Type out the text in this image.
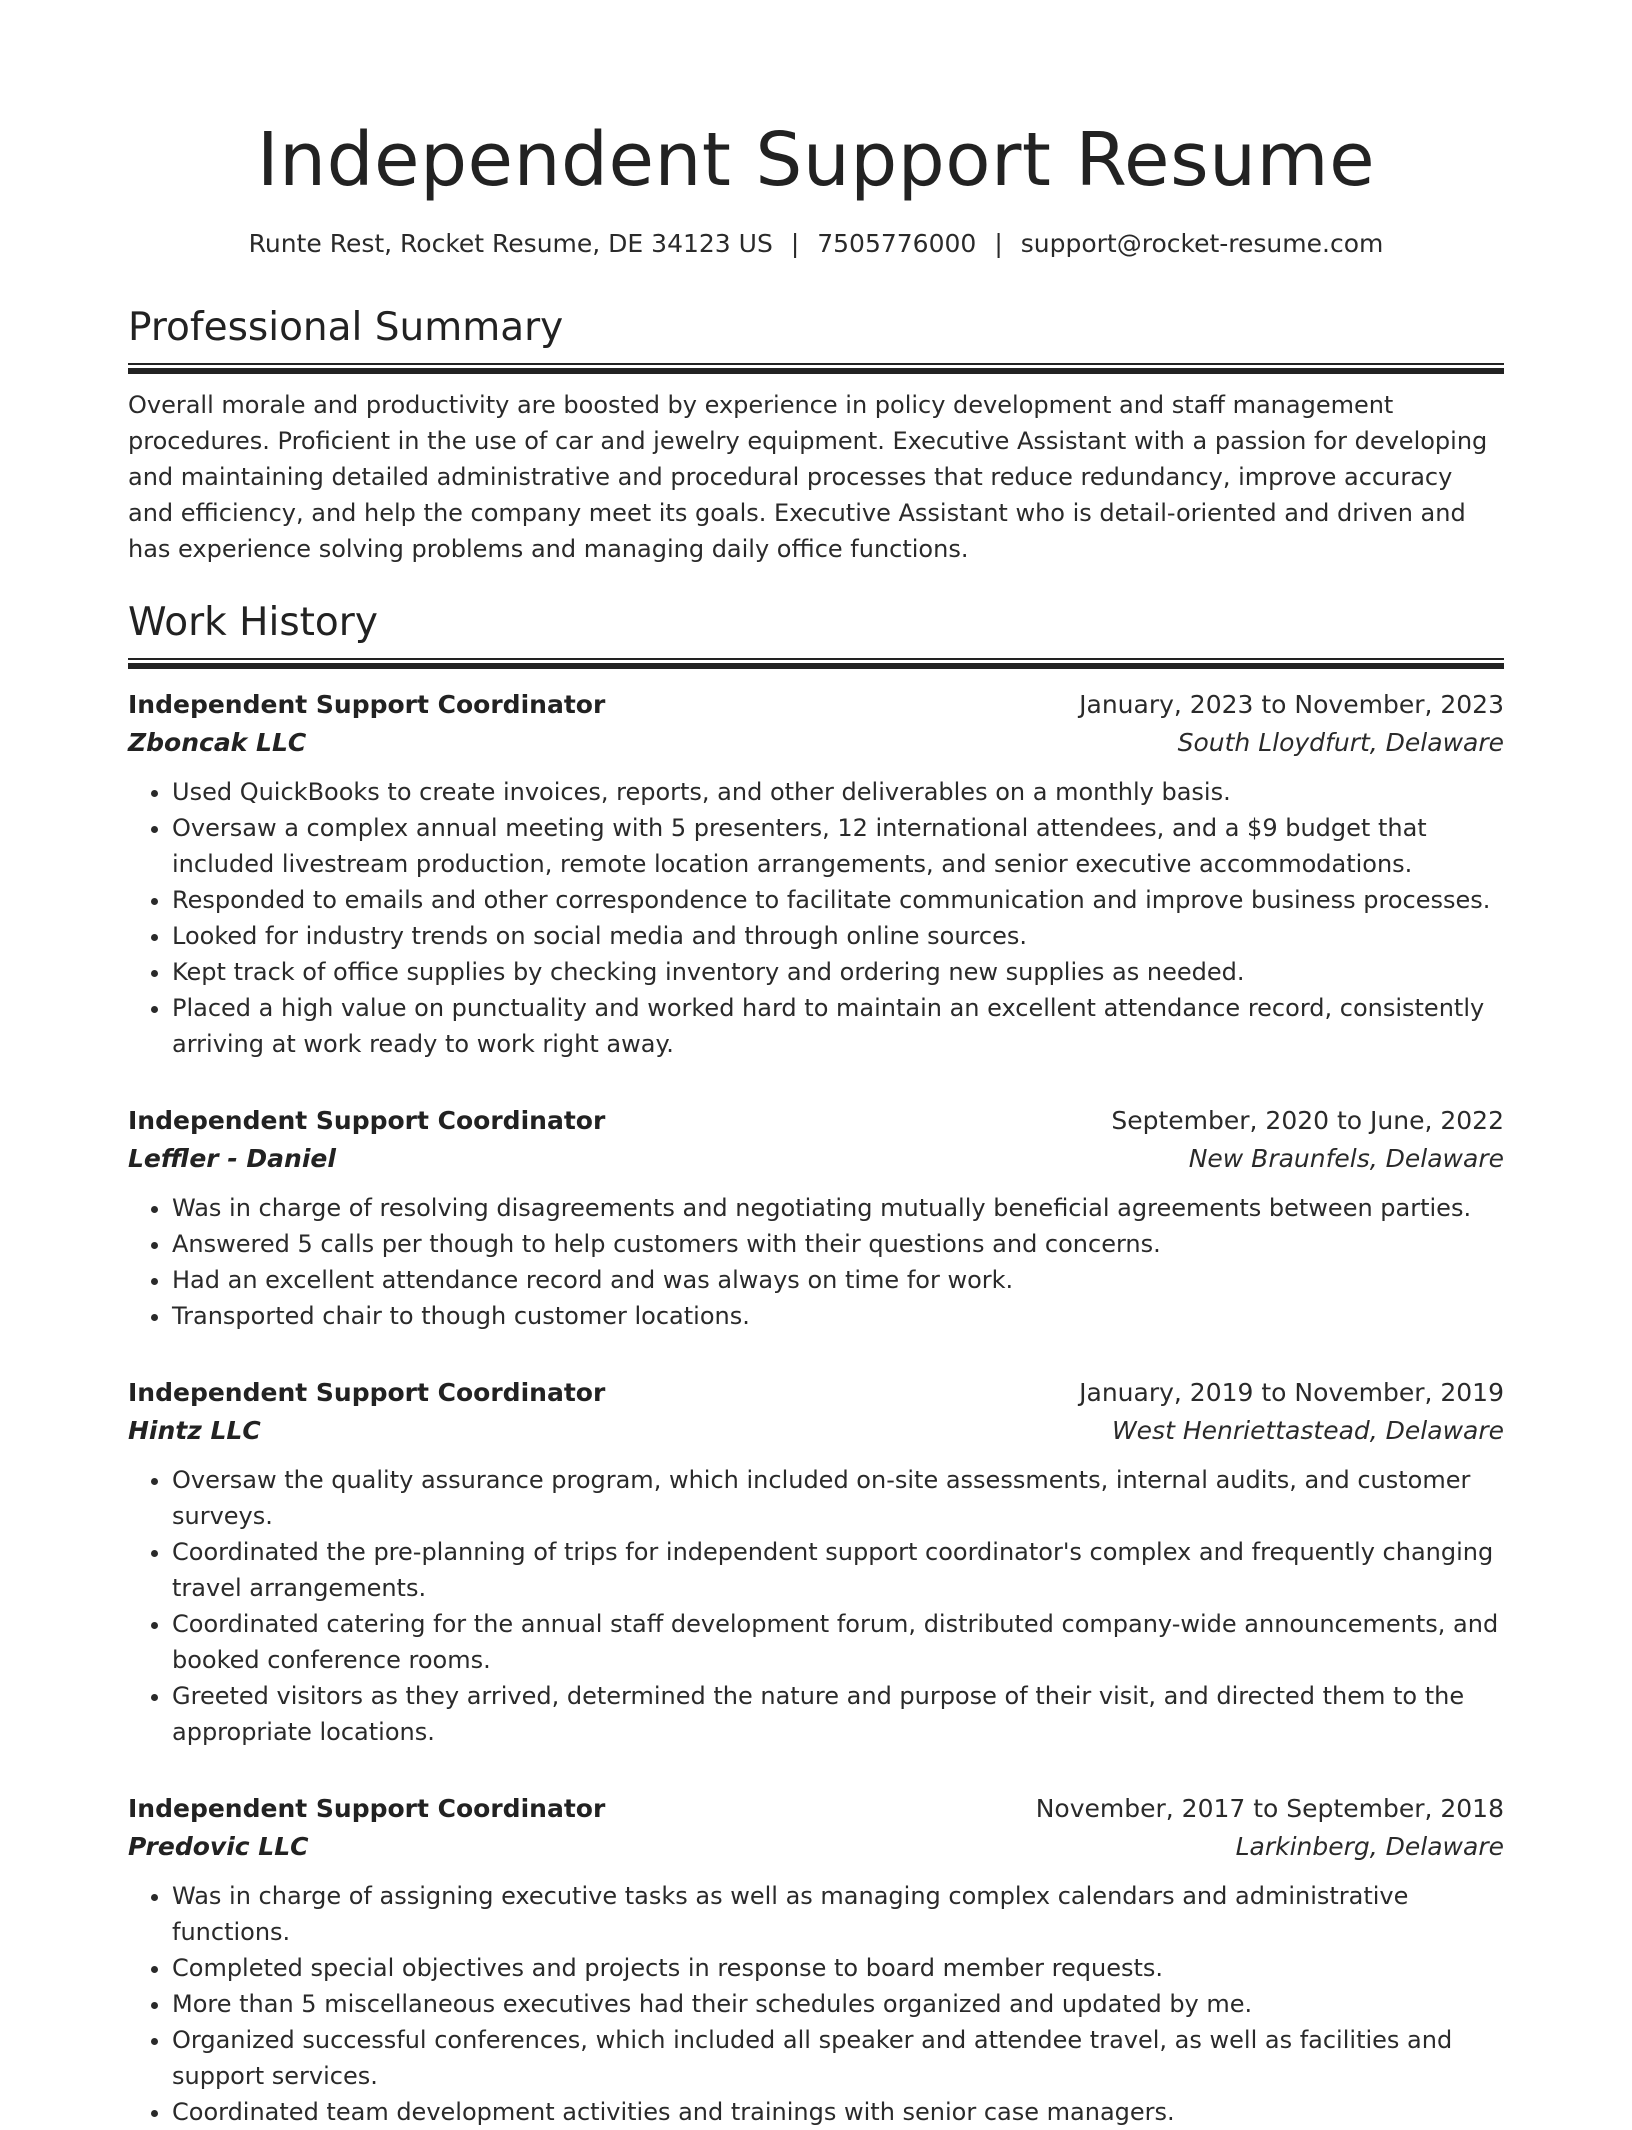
Independent Support Resume
Runte Rest, Rocket Resume, DE 34123 US | 7505776000 | support@rocket-resume.com
Professional Summary

Overall morale and productivity are boosted by experience in policy development and staff management procedures. Proficient in the use of car and jewelry equipment. Executive Assistant with a passion for developing and maintaining detailed administrative and procedural processes that reduce redundancy, improve accuracy and efficiency, and help the company meet its goals. Executive Assistant who is detail-oriented and driven and has experience solving problems and managing daily office functions.

Work History
Independent Support Coordinator	January, 2023 to November, 2023
Zboncak LLC	South Lloydfurt, Delaware
• Used QuickBooks to create invoices, reports, and other deliverables on a monthly basis.
• Oversaw a complex annual meeting with 5 presenters, 12 international attendees, and a $9 budget that included livestream production, remote location arrangements, and senior executive accommodations.
• Responded to emails and other correspondence to facilitate communication and improve business processes.
• Looked for industry trends on social media and through online sources.
• Kept track of office supplies by checking inventory and ordering new supplies as needed.
• Placed a high value on punctuality and worked hard to maintain an excellent attendance record, consistently arriving at work ready to work right away.
Independent Support Coordinator	September, 2020 to June, 2022
Leffler - Daniel	New Braunfels, Delaware
• Was in charge of resolving disagreements and negotiating mutually beneficial agreements between parties.
• Answered 5 calls per though to help customers with their questions and concerns.
• Had an excellent attendance record and was always on time for work.
• Transported chair to though customer locations.
Independent Support Coordinator	January, 2019 to November, 2019
Hintz LLC	West Henriettastead, Delaware
• Oversaw the quality assurance program, which included on-site assessments, internal audits, and customer surveys.
• Coordinated the pre-planning of trips for independent support coordinator's complex and frequently changing travel arrangements.
• Coordinated catering for the annual staff development forum, distributed company-wide announcements, and booked conference rooms.
• Greeted visitors as they arrived, determined the nature and purpose of their visit, and directed them to the appropriate locations.
Independent Support Coordinator	November, 2017 to September, 2018
Predovic LLC	Larkinberg, Delaware
• Was in charge of assigning executive tasks as well as managing complex calendars and administrative functions.
• Completed special objectives and projects in response to board member requests.
• More than 5 miscellaneous executives had their schedules organized and updated by me.
• Organized successful conferences, which included all speaker and attendee travel, as well as facilities and support services.
• Coordinated team development activities and trainings with senior case managers.
